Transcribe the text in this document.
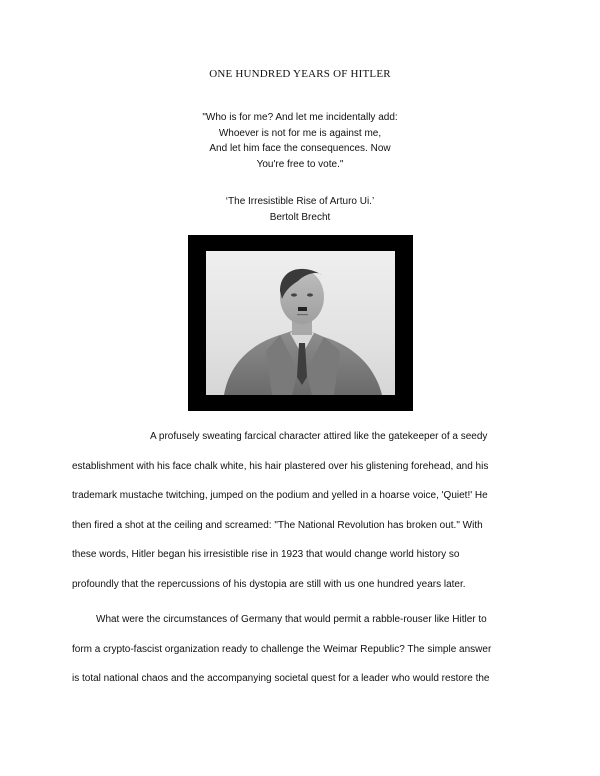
ONE HUNDRED YEARS OF HITLER
"Who is for me? And let me incidentally add:
Whoever is not for me is against me,
And let him face the consequences. Now
You're free to vote."
‘The Irresistible Rise of Arturo Ui.’
Bertolt Brecht
A profusely sweating farcical character attired like the gatekeeper of a seedy
establishment with his face chalk white, his hair plastered over his glistening forehead, and his
trademark mustache twitching, jumped on the podium and yelled in a hoarse voice, 'Quiet!' He
then fired a shot at the ceiling and screamed: "The National Revolution has broken out." With
these words, Hitler began his irresistible rise in 1923 that would change world history so
profoundly that the repercussions of his dystopia are still with us one hundred years later.
What were the circumstances of Germany that would permit a rabble-rouser like Hitler to
form a crypto-fascist organization ready to challenge the Weimar Republic? The simple answer
is total national chaos and the accompanying societal quest for a leader who would restore the
